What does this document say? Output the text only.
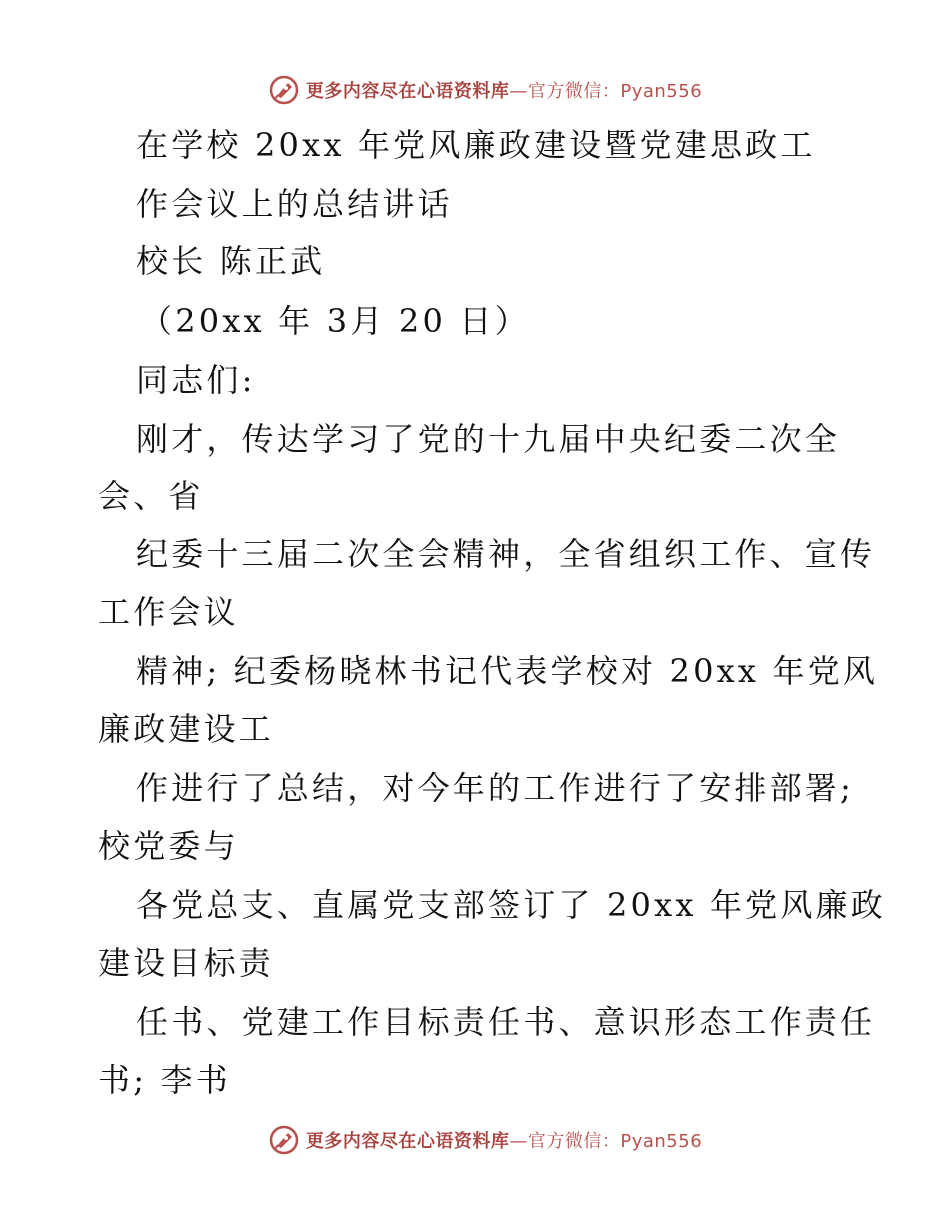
更多内容尽在心语资料库—官方微信：Pyan556
在学校 20xx 年党风廉政建设暨党建思政工
作会议上的总结讲话
校长 陈正武
（20xx 年 3月 20 日）
同志们:
刚才，传达学习了党的十九届中央纪委二次全
会、省
纪委十三届二次全会精神，全省组织工作、宣传
工作会议
精神; 纪委杨晓林书记代表学校对 20xx 年党风
廉政建设工
作进行了总结，对今年的工作进行了安排部署;
校党委与
各党总支、直属党支部签订了 20xx 年党风廉政
建设目标责
任书、党建工作目标责任书、意识形态工作责任
书; 李书
更多内容尽在心语资料库—官方微信：Pyan556
